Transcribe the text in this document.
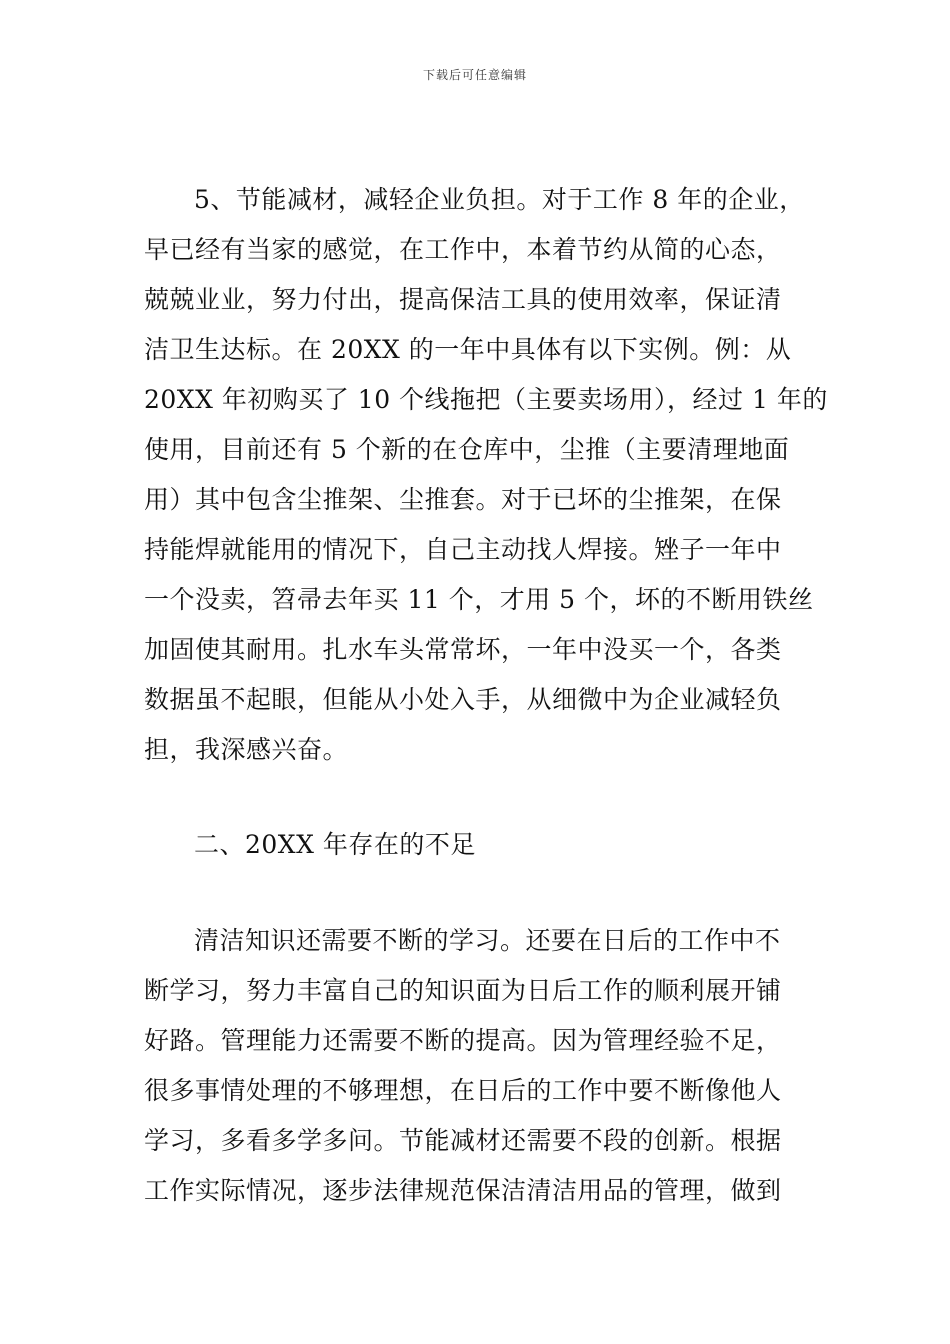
下载后可任意编辑
5、节能减材，减轻企业负担。对于工作 8 年的企业，
早已经有当家的感觉，在工作中，本着节约从简的心态，
兢兢业业，努力付出，提高保洁工具的使用效率，保证清
洁卫生达标。在 20XX 的一年中具体有以下实例。例：从
20XX 年初购买了 10 个线拖把（主要卖场用），经过 1 年的
使用，目前还有 5 个新的在仓库中，尘推（主要清理地面
用）其中包含尘推架、尘推套。对于已坏的尘推架，在保
持能焊就能用的情况下，自己主动找人焊接。矬子一年中
一个没卖，笤帚去年买 11 个，才用 5 个，坏的不断用铁丝
加固使其耐用。扎水车头常常坏，一年中没买一个，各类
数据虽不起眼，但能从小处入手，从细微中为企业减轻负
担，我深感兴奋。
二、20XX 年存在的不足
清洁知识还需要不断的学习。还要在日后的工作中不
断学习，努力丰富自己的知识面为日后工作的顺利展开铺
好路。管理能力还需要不断的提高。因为管理经验不足，
很多事情处理的不够理想，在日后的工作中要不断像他人
学习，多看多学多问。节能减材还需要不段的创新。根据
工作实际情况，逐步法律规范保洁清洁用品的管理，做到
